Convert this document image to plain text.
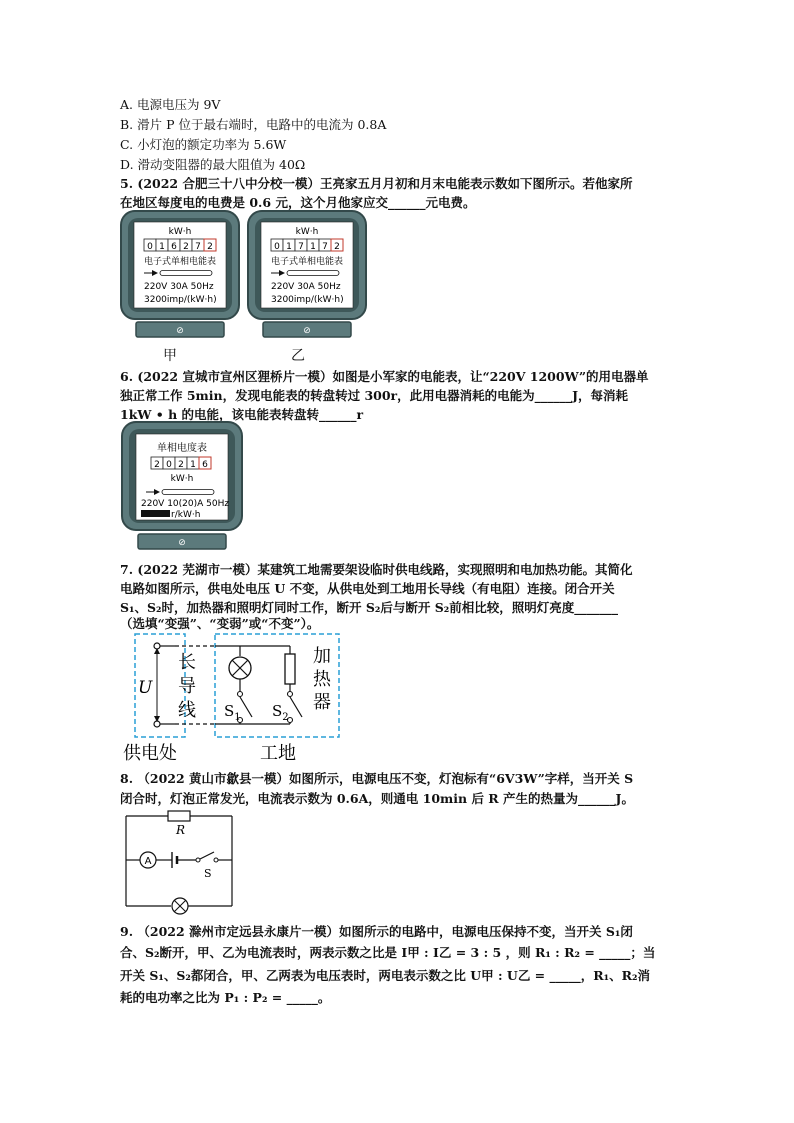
A. 电源电压为 9V
B. 滑片 P 位于最右端时，电路中的电流为 0.8A
C. 小灯泡的额定功率为 5.6W
D. 滑动变阻器的最大阻值为 40Ω
5. (2022 合肥三十八中分校一模）王亮家五月月初和月末电能表示数如下图所示。若他家所
在地区每度电的电费是 0.6 元，这个月他家应交______元电费。
kW·h
0 1 6 2 7 2
电子式单相电能表
220V 30A 50Hz
3200imp/(kW·h)
⊘
甲
kW·h
0 1 7 1 7 2
电子式单相电能表
220V 30A 50Hz
3200imp/(kW·h)
⊘
乙
6. (2022 宣城市宣州区狸桥片一模）如图是小军家的电能表，让“220V 1200W”的用电器单
独正常工作 5min，发现电能表的转盘转过 300r，此用电器消耗的电能为______J，每消耗
1kW • h 的电能，该电能表转盘转______r
单相电度表
2 0 2 1 6
kW·h
220V 10(20)A 50Hz
r/kW·h
⊘
7. (2022 芜湖市一模）某建筑工地需要架设临时供电线路，实现照明和电加热功能。其简化
电路如图所示，供电处电压 U 不变，从供电处到工地用长导线（有电阻）连接。闭合开关
S₁、S₂时，加热器和照明灯同时工作，断开 S₂后与断开 S₂前相比较，照明灯亮度_______
（选填“变强”、“变弱”或“不变”）。
U
长
导
线 $S_1$ $S_2$
加
热
器
供电处	工地
8. （2022 黄山市歙县一模）如图所示，电源电压不变，灯泡标有“6V3W”字样，当开关 S
闭合时，灯泡正常发光，电流表示数为 0.6A，则通电 10min 后 R 产生的热量为______J。
R
A
S
9. （2022 滁州市定远县永康片一模）如图所示的电路中，电源电压保持不变，当开关 S₁闭
合、S₂断开，甲、乙为电流表时，两表示数之比是 I甲 : I乙 = 3 : 5 ，则 R₁ : R₂ = _____；当
开关 S₁、S₂都闭合，甲、乙两表为电压表时，两电表示数之比 U甲 : U乙 = _____，R₁、R₂消
耗的电功率之比为 P₁ : P₂ = _____。
